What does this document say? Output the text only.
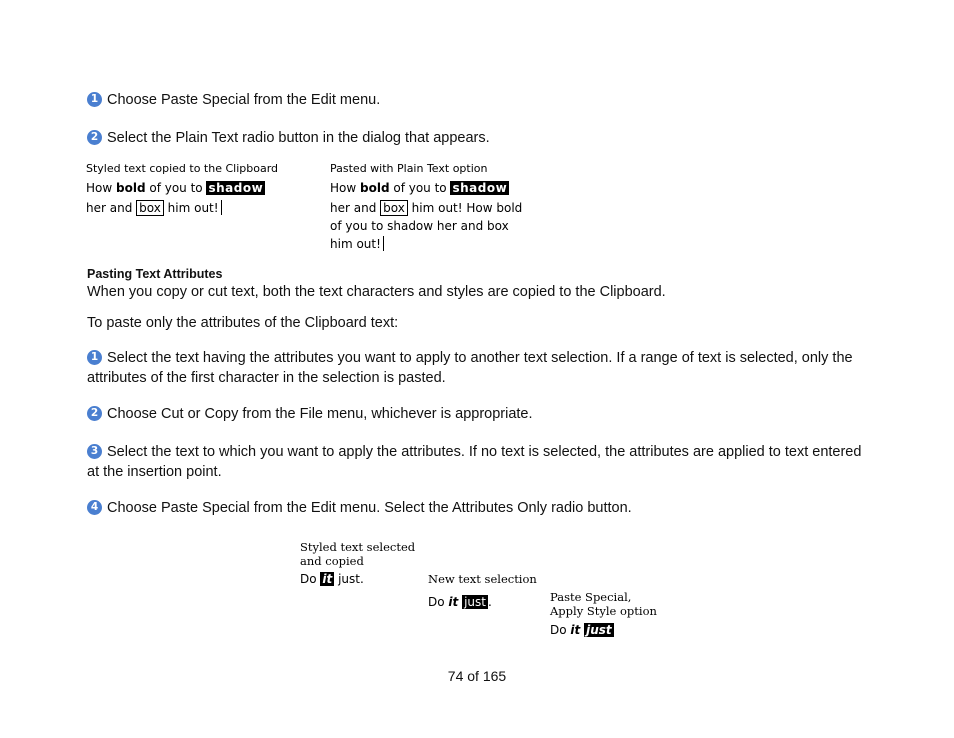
1 Choose Paste Special from the Edit menu.
2 Select the Plain Text radio button in the dialog that appears.
Styled text copied to the Clipboard
How bold of you to shadow
her and box him out!
Pasted with Plain Text option
How bold of you to shadow
her and box him out! How bold
of you to shadow her and box
him out!
Pasting Text Attributes
When you copy or cut text, both the text characters and styles are copied to the Clipboard.
To paste only the attributes of the Clipboard text:
1 Select the text having the attributes you want to apply to another text selection. If a range of text is selected, only the attributes of the first character in the selection is pasted.
2 Choose Cut or Copy from the File menu, whichever is appropriate.
3 Select the text to which you want to apply the attributes. If no text is selected, the attributes are applied to text entered at the insertion point.
4 Choose Paste Special from the Edit menu. Select the Attributes Only radio button.
Styled text selected
and copied
Do it just.	New text selection
Do it just .	Paste Special,
Apply Style option
Do it just
74 of 165
